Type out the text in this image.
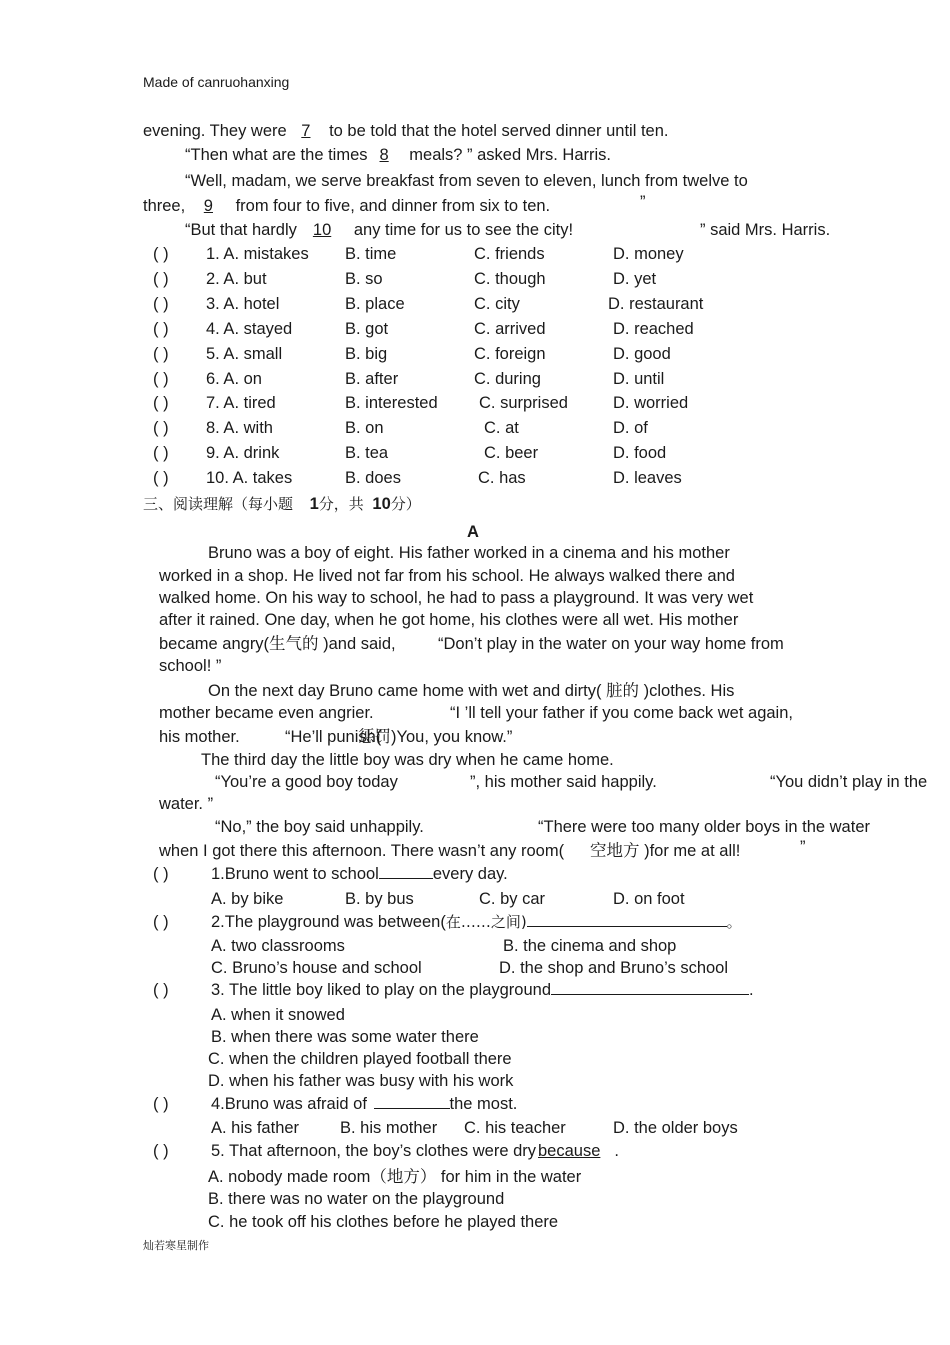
Made of canruohanxing
evening. They were 7 to be told that the hotel served dinner until ten.
“Then what are the times 8 meals? ” asked Mrs. Harris.
“Well, madam, we serve breakfast from seven to eleven, lunch from twelve to
three, 9 from four to five, and dinner from six to ten.	”
“But that hardly 10 any time for us to see the city!	” said Mrs. Harris.
( ) 1. A. mistakes B. time	C. friends	D. money
( ) 2. A. but	B. so	C. though	D. yet
( ) 3. A. hotel	B. place	C. city	D. restaurant
( ) 4. A. stayed	B. got	C. arrived	D. reached
( ) 5. A. small	B. big	C. foreign	D. good
( ) 6. A. on	B. after	C. during	D. until
( ) 7. A. tired	B. interested	C. surprised	D. worried
( ) 8. A. with	B. on	C. at	D. of
( ) 9. A. drink	B. tea	C. beer	D. food
( ) 10. A. takes	B. does	C. has	D. leaves
三、阅读理解（每小题 1分，共 10分）
A
Bruno was a boy of eight. His father worked in a cinema and his mother
worked in a shop. He lived not far from his school. He always walked there and
walked home. On his way to school, he had to pass a playground. It was very wet
after it rained. One day, when he got home, his clothes were all wet. His mother
became angry(生气的 )and said,	“Don’t play in the water on your way home from
school! ”
On the next day Bruno came home with wet and dirty( 脏的 )clothes. His
mother became even angrier.	“I ’ll tell your father if you come back wet again,
his mother.	“He’ll punish(
惩罚)You, you know.”
The third day the little boy was dry when he came home.
“You’re a good boy today	”, his mother said happily.	“You didn’t play in the
water. ”
“No,” the boy said unhappily.	“There were too many older boys in the water
when I got there this afternoon. There wasn’t any room( 空地方 )for me at all!	”
( )	1.Bruno went to school	every day.
A. by bike	B. by bus	C. by car	D. on foot
( )	2.The playground was between(在……之间)	。
A. two classrooms	B. the cinema and shop
C. Bruno’s house and school	D. the shop and Bruno’s school
( )	3. The little boy liked to play on the playground	.
A. when it snowed
B. when there was some water there
C. when the children played football there
D. when his father was busy with his work
( )	4.Bruno was afraid of	the most.
A. his father B. his mother C. his teacher	D. the older boys
( )	5. That afternoon, the boy’s clothes were dry because .
A. nobody made room（地方） for him in the water
B. there was no water on the playground
C. he took off his clothes before he played there
灿若寒星制作
